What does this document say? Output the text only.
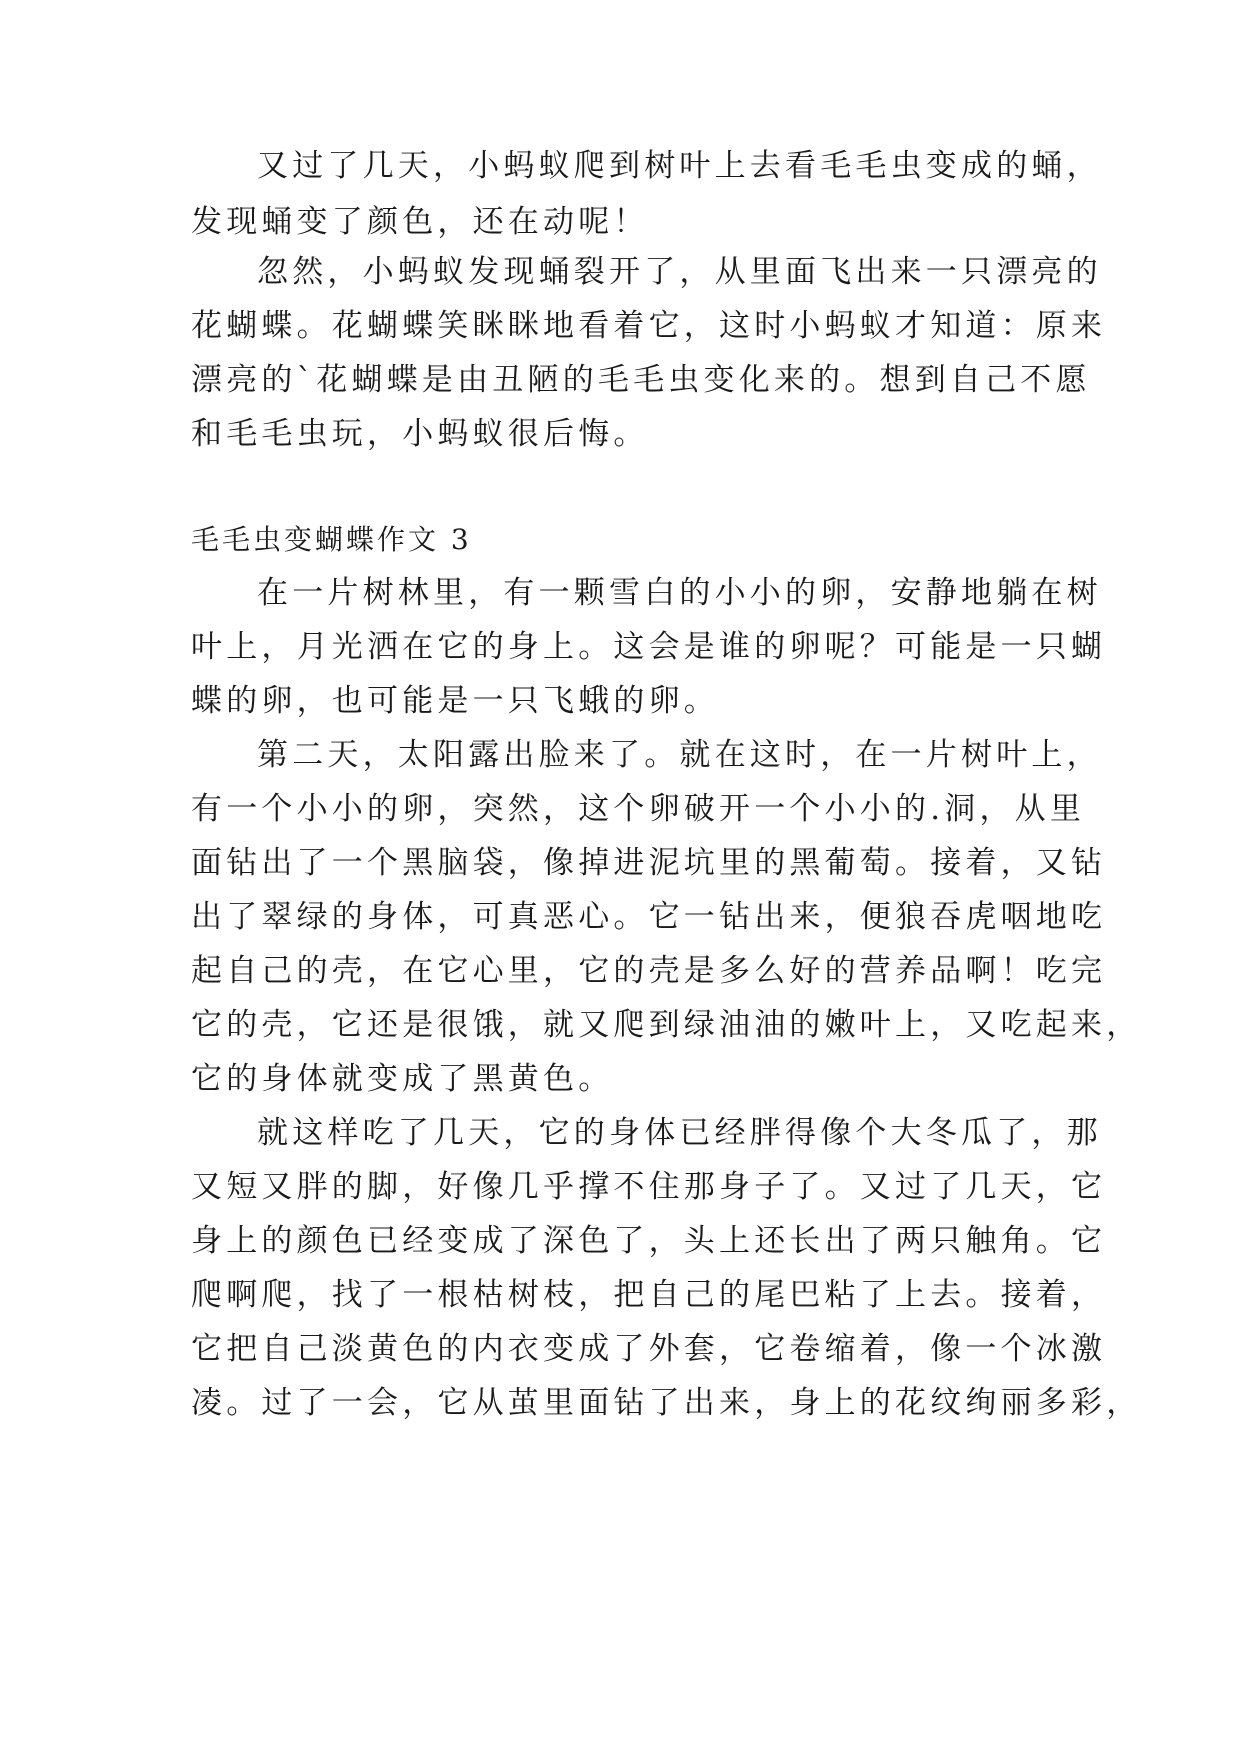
又过了几天，小蚂蚁爬到树叶上去看毛毛虫变成的蛹，
发现蛹变了颜色，还在动呢！
忽然，小蚂蚁发现蛹裂开了，从里面飞出来一只漂亮的
花蝴蝶。花蝴蝶笑眯眯地看着它，这时小蚂蚁才知道：原来
漂亮的`花蝴蝶是由丑陋的毛毛虫变化来的。想到自己不愿
和毛毛虫玩，小蚂蚁很后悔。
毛毛虫变蝴蝶作文 3
在一片树林里，有一颗雪白的小小的卵，安静地躺在树
叶上，月光洒在它的身上。这会是谁的卵呢？可能是一只蝴
蝶的卵，也可能是一只飞蛾的卵。
第二天，太阳露出脸来了。就在这时，在一片树叶上，
有一个小小的卵，突然，这个卵破开一个小小的.洞，从里
面钻出了一个黑脑袋，像掉进泥坑里的黑葡萄。接着，又钻
出了翠绿的身体，可真恶心。它一钻出来，便狼吞虎咽地吃
起自己的壳，在它心里，它的壳是多么好的营养品啊！吃完
它的壳，它还是很饿，就又爬到绿油油的嫩叶上，又吃起来，
它的身体就变成了黑黄色。
就这样吃了几天，它的身体已经胖得像个大冬瓜了，那
又短又胖的脚，好像几乎撑不住那身子了。又过了几天，它
身上的颜色已经变成了深色了，头上还长出了两只触角。它
爬啊爬，找了一根枯树枝，把自己的尾巴粘了上去。接着，
它把自己淡黄色的内衣变成了外套，它卷缩着，像一个冰激
凌。过了一会，它从茧里面钻了出来，身上的花纹绚丽多彩，
